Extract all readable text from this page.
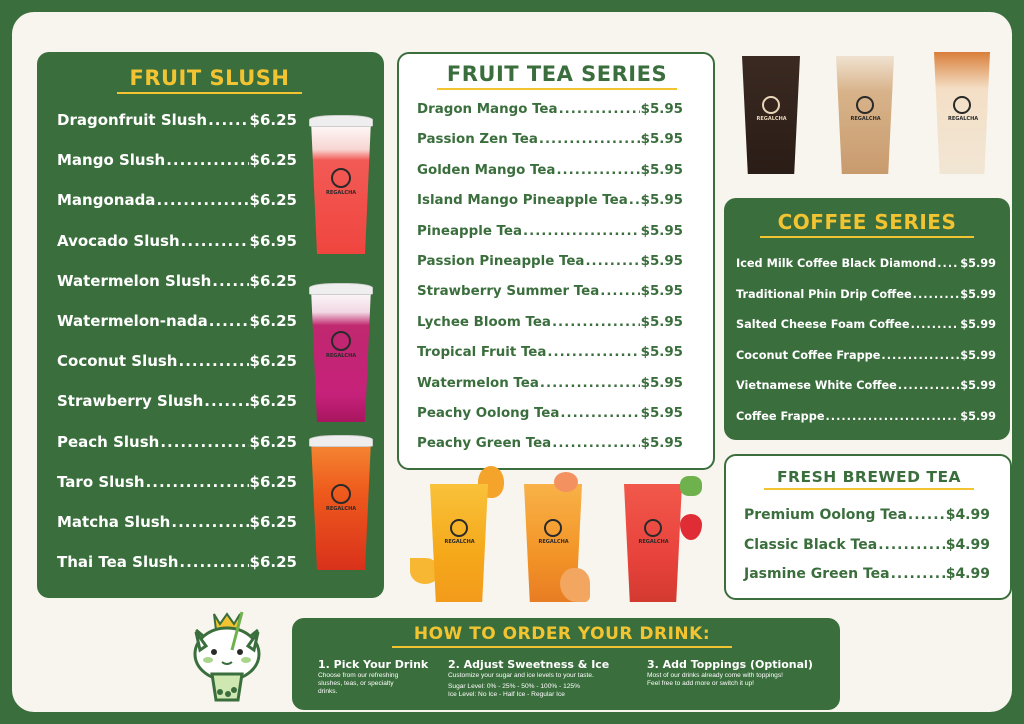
FRUIT SLUSH
Dragonfruit Slush .....	$6.25
Mango Slush .....	$6.25
Mangonada .....	$6.25
Avocado Slush .....	$6.95
Watermelon Slush .....	$6.25
Watermelon-nada .....	$6.25
Coconut Slush .....	$6.25
Strawberry Slush .....	$6.25
Peach Slush .....	$6.25
Taro Slush .....	$6.25
Matcha Slush .....	$6.25
Thai Tea Slush .....	$6.25
REGALCHA
REGALCHA
REGALCHA
FRUIT TEA SERIES
Dragon Mango Tea .....	$5.95
Passion Zen Tea .....	$5.95
Golden Mango Tea .....	$5.95
Island Mango Pineapple Tea ..... $5.95
Pineapple Tea .....	$5.95
Passion Pineapple Tea .....	$5.95
Strawberry Summer Tea .....	$5.95
Lychee Bloom Tea .....	$5.95
Tropical Fruit Tea .....	$5.95
Watermelon Tea .....	$5.95
Peachy Oolong Tea .....	$5.95
Peachy Green Tea .....	$5.95
REGALCHA	REGALCHA	REGALCHA
REGALCHA	REGALCHA	REGALCHA
COFFEE SERIES
Iced Milk Coffee Black Diamond ..... $5.99
Traditional Phin Drip Coffee .....	$5.99
Salted Cheese Foam Coffee .....	$5.99
Coconut Coffee Frappe .....	$5.99
Vietnamese White Coffee .....	$5.99
Coffee Frappe .....	$5.99
FRESH BREWED TEA
Premium Oolong Tea .....	$4.99
Classic Black Tea .....	$4.99
Jasmine Green Tea .....	$4.99
HOW TO ORDER YOUR DRINK:
1. Pick Your Drink
Choose from our refreshing
slushes, teas, or specialty
drinks.
2. Adjust Sweetness & Ice
Customize your sugar and ice levels to your taste.
Sugar Level: 0% - 25% - 50% - 100% - 125%
Ice Level: No Ice - Half Ice - Regular Ice
3. Add Toppings (Optional)
Most of our drinks already come with toppings!
Feel free to add more or switch it up!
